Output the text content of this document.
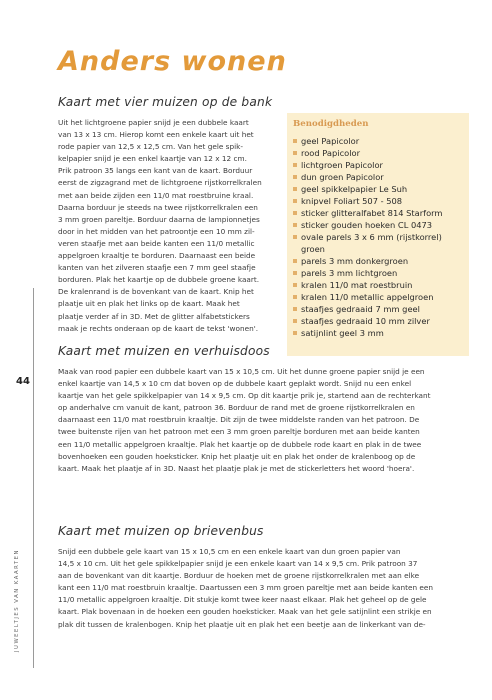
Anders wonen
Kaart met vier muizen op de bank
Uit het lichtgroene papier snijd je een dubbele kaart
van 13 x 13 cm. Hierop komt een enkele kaart uit het
rode papier van 12,5 x 12,5 cm. Van het gele spik-
kelpapier snijd je een enkel kaartje van 12 x 12 cm.
Prik patroon 35 langs een kant van de kaart. Borduur
eerst de zigzagrand met de lichtgroene rijstkorrelkralen
met aan beide zijden een 11/0 mat roestbruine kraal.
Daarna borduur je steeds na twee rijstkorrelkralen een
3 mm groen pareltje. Borduur daarna de lampionnetjes
door in het midden van het patroontje een 10 mm zil-
veren staafje met aan beide kanten een 11/0 metallic
appelgroen kraaltje te borduren. Daarnaast een beide
kanten van het zilveren staafje een 7 mm geel staafje
borduren. Plak het kaartje op de dubbele groene kaart.
De kralenrand is de bovenkant van de kaart. Knip het
plaatje uit en plak het links op de kaart. Maak het
plaatje verder af in 3D. Met de glitter alfabetstickers
maak je rechts onderaan op de kaart de tekst 'wonen'.
Benodigdheden
geel Papicolor
rood Papicolor
lichtgroen Papicolor
dun groen Papicolor
geel spikkelpapier Le Suh
knipvel Foliart 507 - 508
sticker glitteralfabet 814 Starform
sticker gouden hoeken CL 0473
ovale parels 3 x 6 mm (rijstkorrel)
groen
parels 3 mm donkergroen
parels 3 mm lichtgroen
kralen 11/0 mat roestbruin
kralen 11/0 metallic appelgroen
staafjes gedraaid 7 mm geel
staafjes gedraaid 10 mm zilver
satijnlint geel 3 mm

44

JUWEELTJES VAN KAARTEN
Kaart met muizen en verhuisdoos
Maak van rood papier een dubbele kaart van 15 x 10,5 cm. Uit het dunne groene papier snijd je een
enkel kaartje van 14,5 x 10 cm dat boven op de dubbele kaart geplakt wordt. Snijd nu een enkel
kaartje van het gele spikkelpapier van 14 x 9,5 cm. Op dit kaartje prik je, startend aan de rechterkant
op anderhalve cm vanuit de kant, patroon 36. Borduur de rand met de groene rijstkorrelkralen en
daarnaast een 11/0 mat roestbruin kraaltje. Dit zijn de twee middelste randen van het patroon. De
twee buitenste rijen van het patroon met een 3 mm groen pareltje borduren met aan beide kanten
een 11/0 metallic appelgroen kraaltje. Plak het kaartje op de dubbele rode kaart en plak in de twee
bovenhoeken een gouden hoeksticker. Knip het plaatje uit en plak het onder de kralenboog op de
kaart. Maak het plaatje af in 3D. Naast het plaatje plak je met de stickerletters het woord 'hoera'.
Kaart met muizen op brievenbus
Snijd een dubbele gele kaart van 15 x 10,5 cm en een enkele kaart van dun groen papier van
14,5 x 10 cm. Uit het gele spikkelpapier snijd je een enkele kaart van 14 x 9,5 cm. Prik patroon 37
aan de bovenkant van dit kaartje. Borduur de hoeken met de groene rijstkorrelkralen met aan elke
kant een 11/0 mat roestbruin kraaltje. Daartussen een 3 mm groen pareltje met aan beide kanten een
11/0 metallic appelgroen kraaltje. Dit stukje komt twee keer naast elkaar. Plak het geheel op de gele
kaart. Plak bovenaan in de hoeken een gouden hoeksticker. Maak van het gele satijnlint een strikje en
plak dit tussen de kralenbogen. Knip het plaatje uit en plak het een beetje aan de linkerkant van de-
